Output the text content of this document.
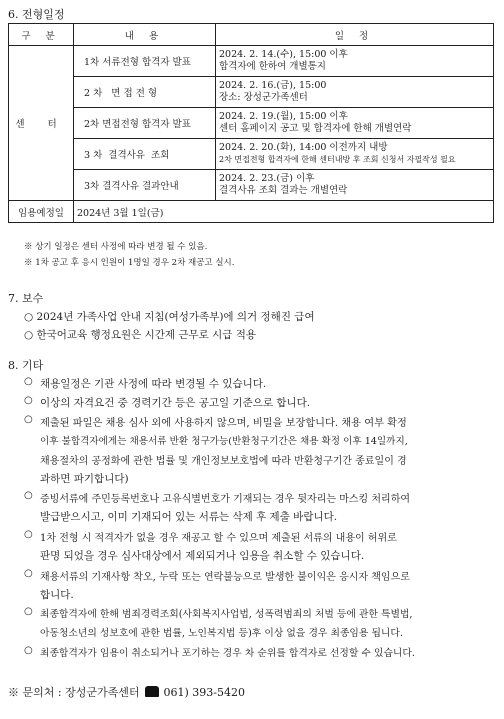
6. 전형일정
구 분	내 용	일 정
센 터	1차 서류전형 합격자 발표	2024. 2. 14.(수), 15:00 이후
합격자에 한하여 개별통지

	2 차   면 접 전 형	2024. 2. 16.(금), 15:00
장소: 장성군가족센터

	2차 면접전형 합격자 발표	2024. 2. 19.(월), 15:00 이후
센터 홈페이지 공고 및 합격자에 한해 개별연락

	3 차  결격사유  조회	2024. 2. 20.(화), 14:00 이전까지 내방
2차 면접전형 합격자에 한해 센터내방 후 조회 신청서 자필작성 필요

	3차 결격사유 결과안내	2024. 2. 23.(금) 이후
결격사유 조회 결과는 개별연락

임용예정일	2024년 3월 1일(금)	
※ 상기 일정은 센터 사정에 따라 변경 될 수 있음.
※ 1차 공고 후 응시 인원이 1명일 경우 2차 재공고 실시.
7. 보수
○ 2024년 가족사업 안내 지침(여성가족부)에 의거 정해진 급여
○ 한국어교육 행정요원은 시간제 근무로 시급 적용
8. 기타
○ 채용일정은 기관 사정에 따라 변경될 수 있습니다.
○ 이상의 자격요건 중 경력기간 등은 공고일 기준으로 합니다.
○ 제출된 파일은 채용 심사 외에 사용하지 않으며, 비밀을 보장합니다. 채용 여부 확정
이후 불합격자에게는 채용서류 반환 청구가능(반환청구기간은 채용 확정 이후 14일까지,
채용절차의 공정화에 관한 법률 및 개인정보보호법에 따라 반환청구기간 종료일이 경
과하면 파기합니다)
○ 증빙서류에 주민등록번호나 고유식별번호가 기재되는 경우 뒷자리는 마스킹 처리하여
발급받으시고, 이미 기재되어 있는 서류는 삭제 후 제출 바랍니다.
○ 1차 전형 시 적격자가 없을 경우 재공고 할 수 있으며 제출된 서류의 내용이 허위로
판명 되었을 경우 심사대상에서 제외되거나 임용을 취소할 수 있습니다.
○ 채용서류의 기재사항 착오, 누락 또는 연락불능으로 발생한 불이익은 응시자 책임으로
합니다.
○ 최종합격자에 한해 범죄경력조회(사회복지사업법, 성폭력범죄의 처벌 등에 관한 특별법,
아동청소년의 성보호에 관한 법률, 노인복지법 등)후 이상 없을 경우 최종임용 됩니다.
○ 최종합격자가 임용이 취소되거나 포기하는 경우 차 순위를 합격자로 선정할 수 있습니다.
※ 문의처 : 장성군가족센터 061) 393-5420
